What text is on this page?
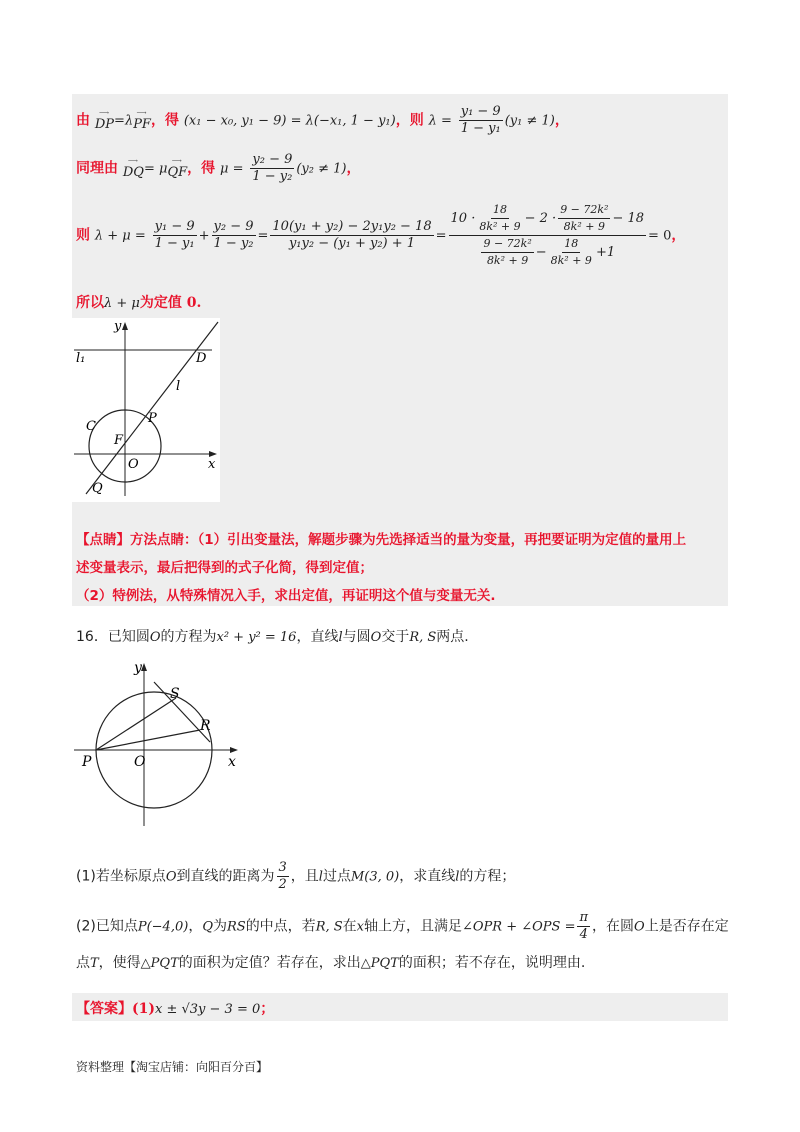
由 ⟶
DP =λ
⟶
PF ，得 (x₁ − x₀, y₁ − 9) = λ(−x₁, 1 − y₁)，则 $\lambda = \frac{\text{y₁ − 9}}{\text{1 − y₁}} (y_1 \ne 1)$，
同理由 ⟶
DQ = μ
⟶
QF ，得 $\mu = \frac{\text{y₂ − 9}}{\text{1 − y₂}} (y_2 \ne 1)$，
则 $\lambda + \mu = \frac{\text{y₁ − 9}}{\text{1 − y₁}} + \frac{\text{y₂ − 9}}{\text{1 − y₂}} = \frac{\text{10(y₁ + y₂) − 2y₁y₂ − 18}}{\text{y₁y₂ − (y₁ + y₂) + 1}}$ =
$10 \cdot \frac{18}{\text{8k² + 9}} - 2 \cdot \frac{\text{9 − 72k²}}{\text{8k² + 9}} - 18$
$\frac{\text{9 − 72k²}}{\text{8k² + 9}} - \frac{18}{\text{8k² + 9}} +1$
= 0，
所以λ + μ为定值 0.
y
x
l₁	D
l
C
P
F
O
Q
【点睛】方法点睛：（1）引出变量法，解题步骤为先选择适当的量为变量，再把要证明为定值的量用上
述变量表示，最后把得到的式子化简，得到定值；
（2）特例法，从特殊情况入手，求出定值，再证明这个值与变量无关.
16．已知圆O的方程为x² + y² = 16，直线l与圆O交于R, S两点.
y
S
R
P	O	x
(1)若坐标原点O到直线的距离为 $\frac{3}{2}$ ，且l过点M(3, 0)，求直线l的方程；
(2)已知点P(−4,0)，Q为RS的中点，若R, S在x轴上方，且满足∠OPR + ∠OPS = $\frac{\pi}{4}$ ，在圆O上是否存在定
点T，使得△PQT的面积为定值？若存在，求出△PQT的面积；若不存在，说明理由.
【答案】(1)x ± √3y − 3 = 0；
资料整理【淘宝店铺：向阳百分百】
